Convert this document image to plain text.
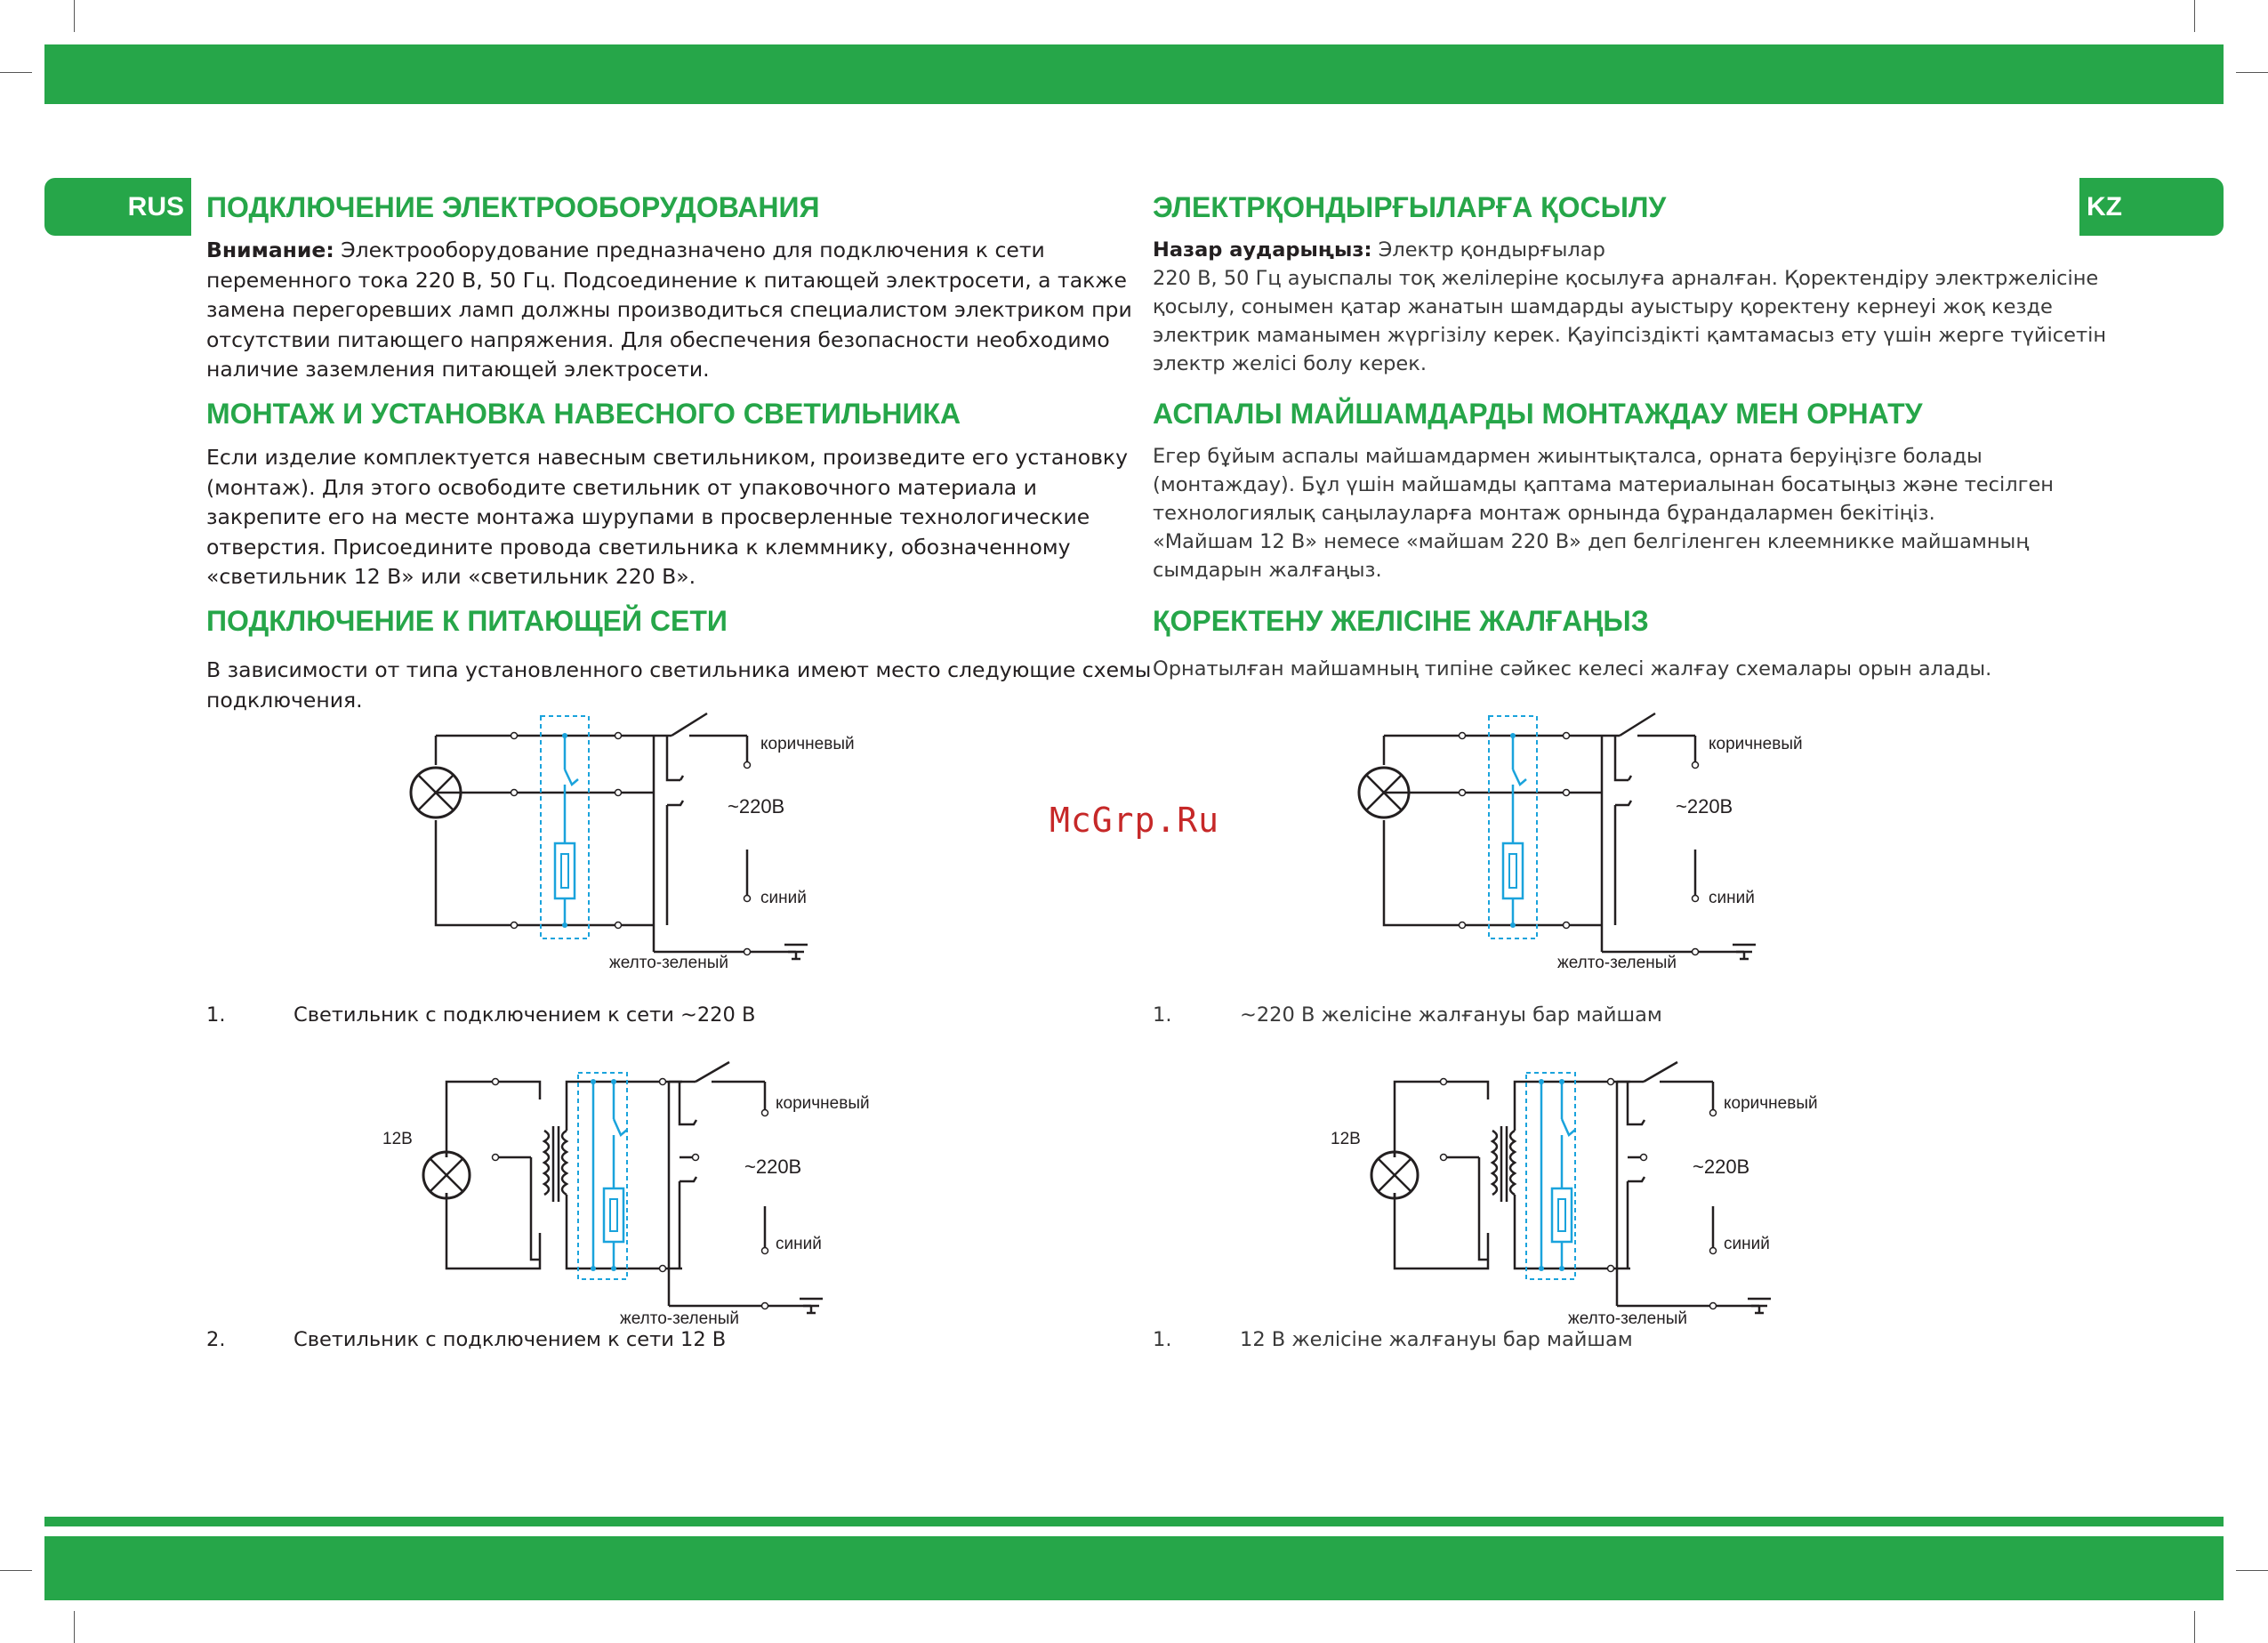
RUS	KZ
McGrp.Ru
ПОДКЛЮЧЕНИЕ ЭЛЕКТРООБОРУДОВАНИЯ

Внимание: Электрооборудование предназначено для подключения к сети
переменного тока 220 В, 50 Гц. Подсоединение к питающей электросети, а также
замена перегоревших ламп должны производиться специалистом электриком при
отсутствии питающего напряжения. Для обеспечения безопасности необходимо
наличие заземления питающей электросети.

МОНТАЖ И УСТАНОВКА НАВЕСНОГО СВЕТИЛЬНИКА

Если изделие комплектуется навесным светильником, произведите его установку
(монтаж). Для этого освободите светильник от упаковочного материала и
закрепите его на месте монтажа шурупами в просверленные технологические
отверстия. Присоедините провода светильника к клеммнику, обозначенному
«светильник 12 В» или «светильник 220 В».

ПОДКЛЮЧЕНИЕ К ПИТАЮЩЕЙ СЕТИ

В зависимости от типа установленного светильника имеют место следующие схемы
подключения.

1.	Светильник с подключением к сети ~220 В

2.	Светильник с подключением к сети 12 В

ЭЛЕКТРҚОНДЫРҒЫЛАРҒА ҚОСЫЛУ

Назар аударыңыз: Электр қондырғылар
220 В, 50 Гц ауыспалы тоқ желілеріне қосылуға арналған. Қоректендіру электржелісіне
қосылу, сонымен қатар жанатын шамдарды ауыстыру қоректену кернеуі жоқ кезде
электрик маманымен жүргізілу керек. Қауіпсіздікті қамтамасыз ету үшін жерге түйісетін
электр желісі болу керек.

АСПАЛЫ МАЙШАМДАРДЫ МОНТАЖДАУ МЕН ОРНАТУ

Егер бұйым аспалы майшамдармен жиынтықталса, орната беруіңізге болады
(монтаждау). Бұл үшін майшамды қаптама материалынан босатыңыз және тесілген
технологиялық саңылауларға монтаж орнында бұрандалармен бекітіңіз.
«Майшам 12 В» немесе «майшам 220 В» деп белгіленген клеемникке майшамның
сымдарын жалғаңыз.

ҚОРЕКТЕНУ ЖЕЛІСІНЕ ЖАЛҒАҢЫЗ

Орнатылған майшамның типіне сәйкес келесі жалғау схемалары орын алады.

1.	~220 В желісіне жалғануы бар майшам

1.	12 В желісіне жалғануы бар майшам

коричневый
~220В
синий
желто-зеленый
12В
коричневый
~220В
синий
желто-зеленый
коричневый
~220В
синий
желто-зеленый
12В
коричневый
~220В
синий
желто-зеленый
